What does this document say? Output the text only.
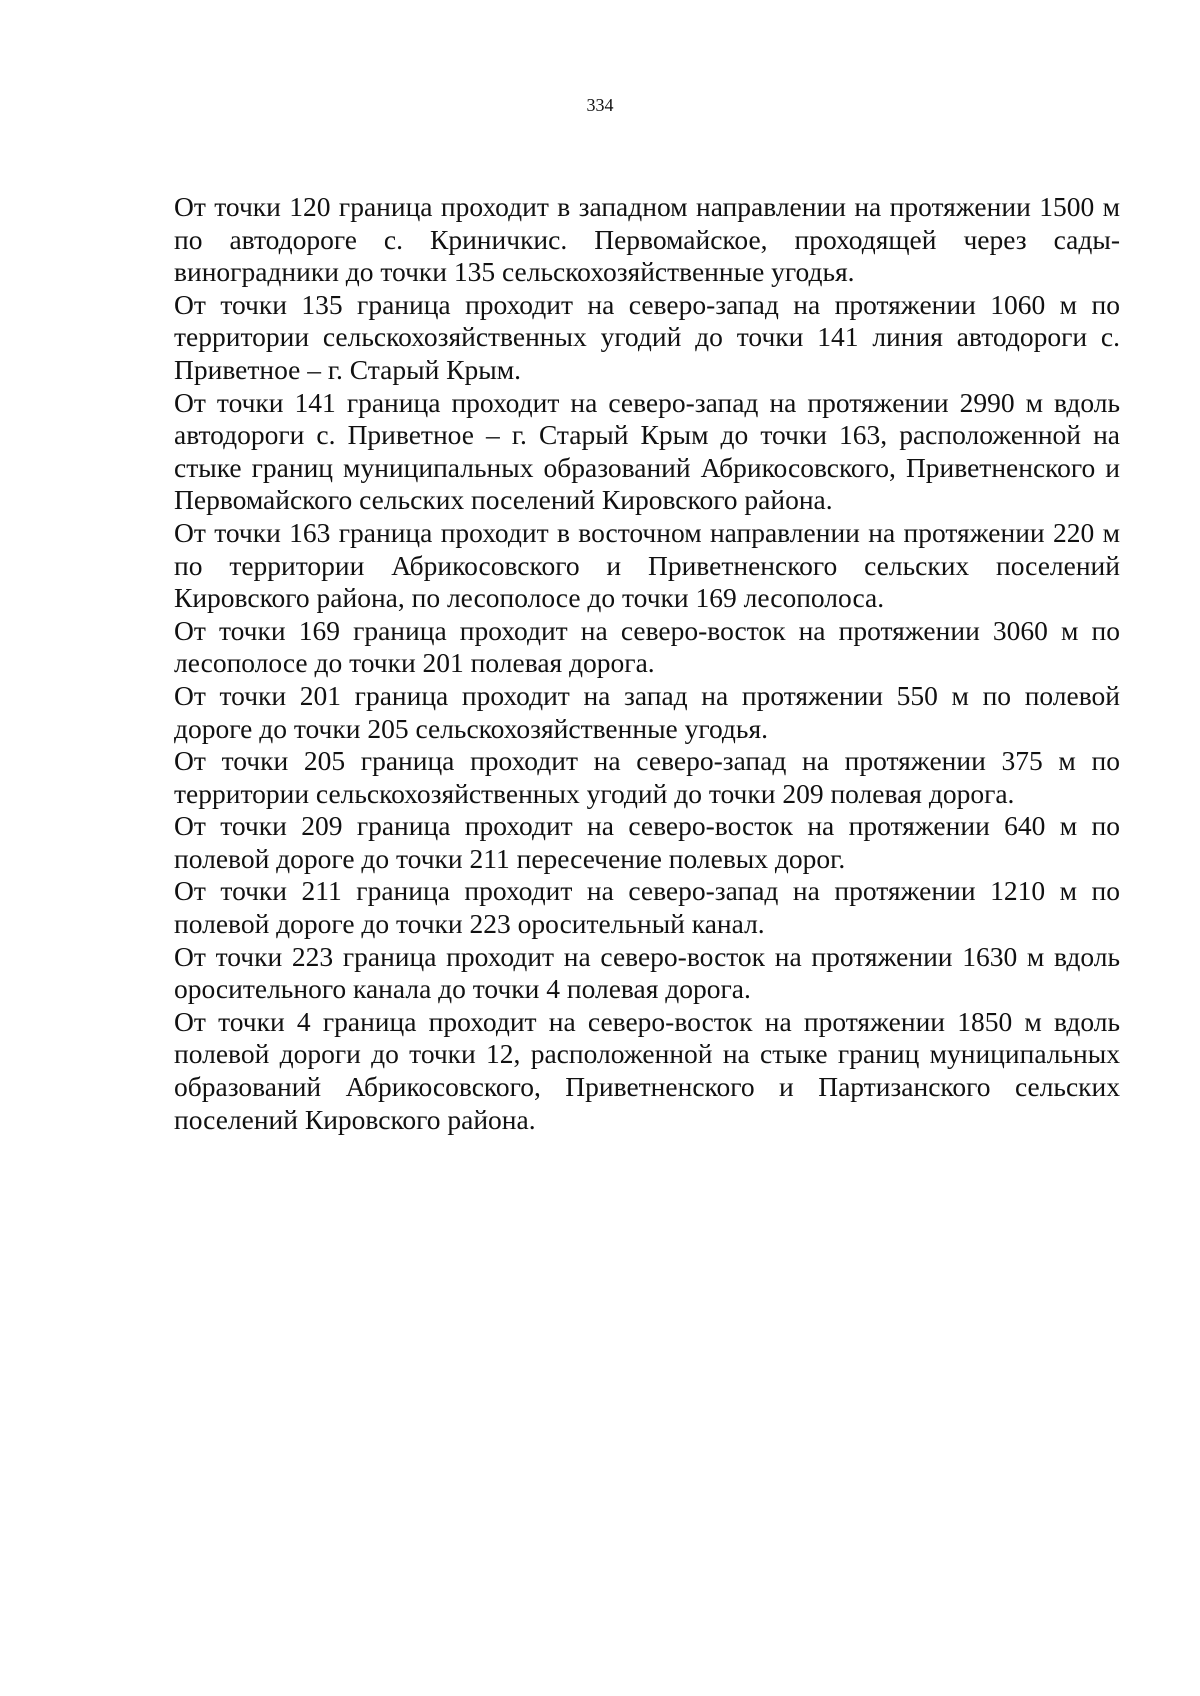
334

От точки 120 граница проходит в западном направлении на протяжении 1500 м по автодороге с. Криничкис. Первомайское, проходящей через сады-виноградники до точки 135 сельскохозяйственные угодья.

От точки 135 граница проходит на северо-запад на протяжении 1060 м по территории сельскохозяйственных угодий до точки 141 линия автодороги с. Приветное – г. Старый Крым.

От точки 141 граница проходит на северо-запад на протяжении 2990 м вдоль автодороги с. Приветное – г. Старый Крым до точки 163, расположенной на стыке границ муниципальных образований Абрикосовского, Приветненского и Первомайского сельских поселений Кировского района.

От точки 163 граница проходит в восточном направлении на протяжении 220 м по территории Абрикосовского и Приветненского сельских поселений Кировского района, по лесополосе до точки 169 лесополоса.

От точки 169 граница проходит на северо-восток на протяжении 3060 м по лесополосе до точки 201 полевая дорога.

От точки 201 граница проходит на запад на протяжении 550 м по полевой дороге до точки 205 сельскохозяйственные угодья.

От точки 205 граница проходит на северо-запад на протяжении 375 м по территории сельскохозяйственных угодий до точки 209 полевая дорога.

От точки 209 граница проходит на северо-восток на протяжении 640 м по полевой дороге до точки 211 пересечение полевых дорог.

От точки 211 граница проходит на северо-запад на протяжении 1210 м по полевой дороге до точки 223 оросительный канал.

От точки 223 граница проходит на северо-восток на протяжении 1630 м вдоль оросительного канала до точки 4 полевая дорога.

От точки 4 граница проходит на северо-восток на протяжении 1850 м вдоль полевой дороги до точки 12, расположенной на стыке границ муниципальных образований Абрикосовского, Приветненского и Партизанского сельских поселений Кировского района.
